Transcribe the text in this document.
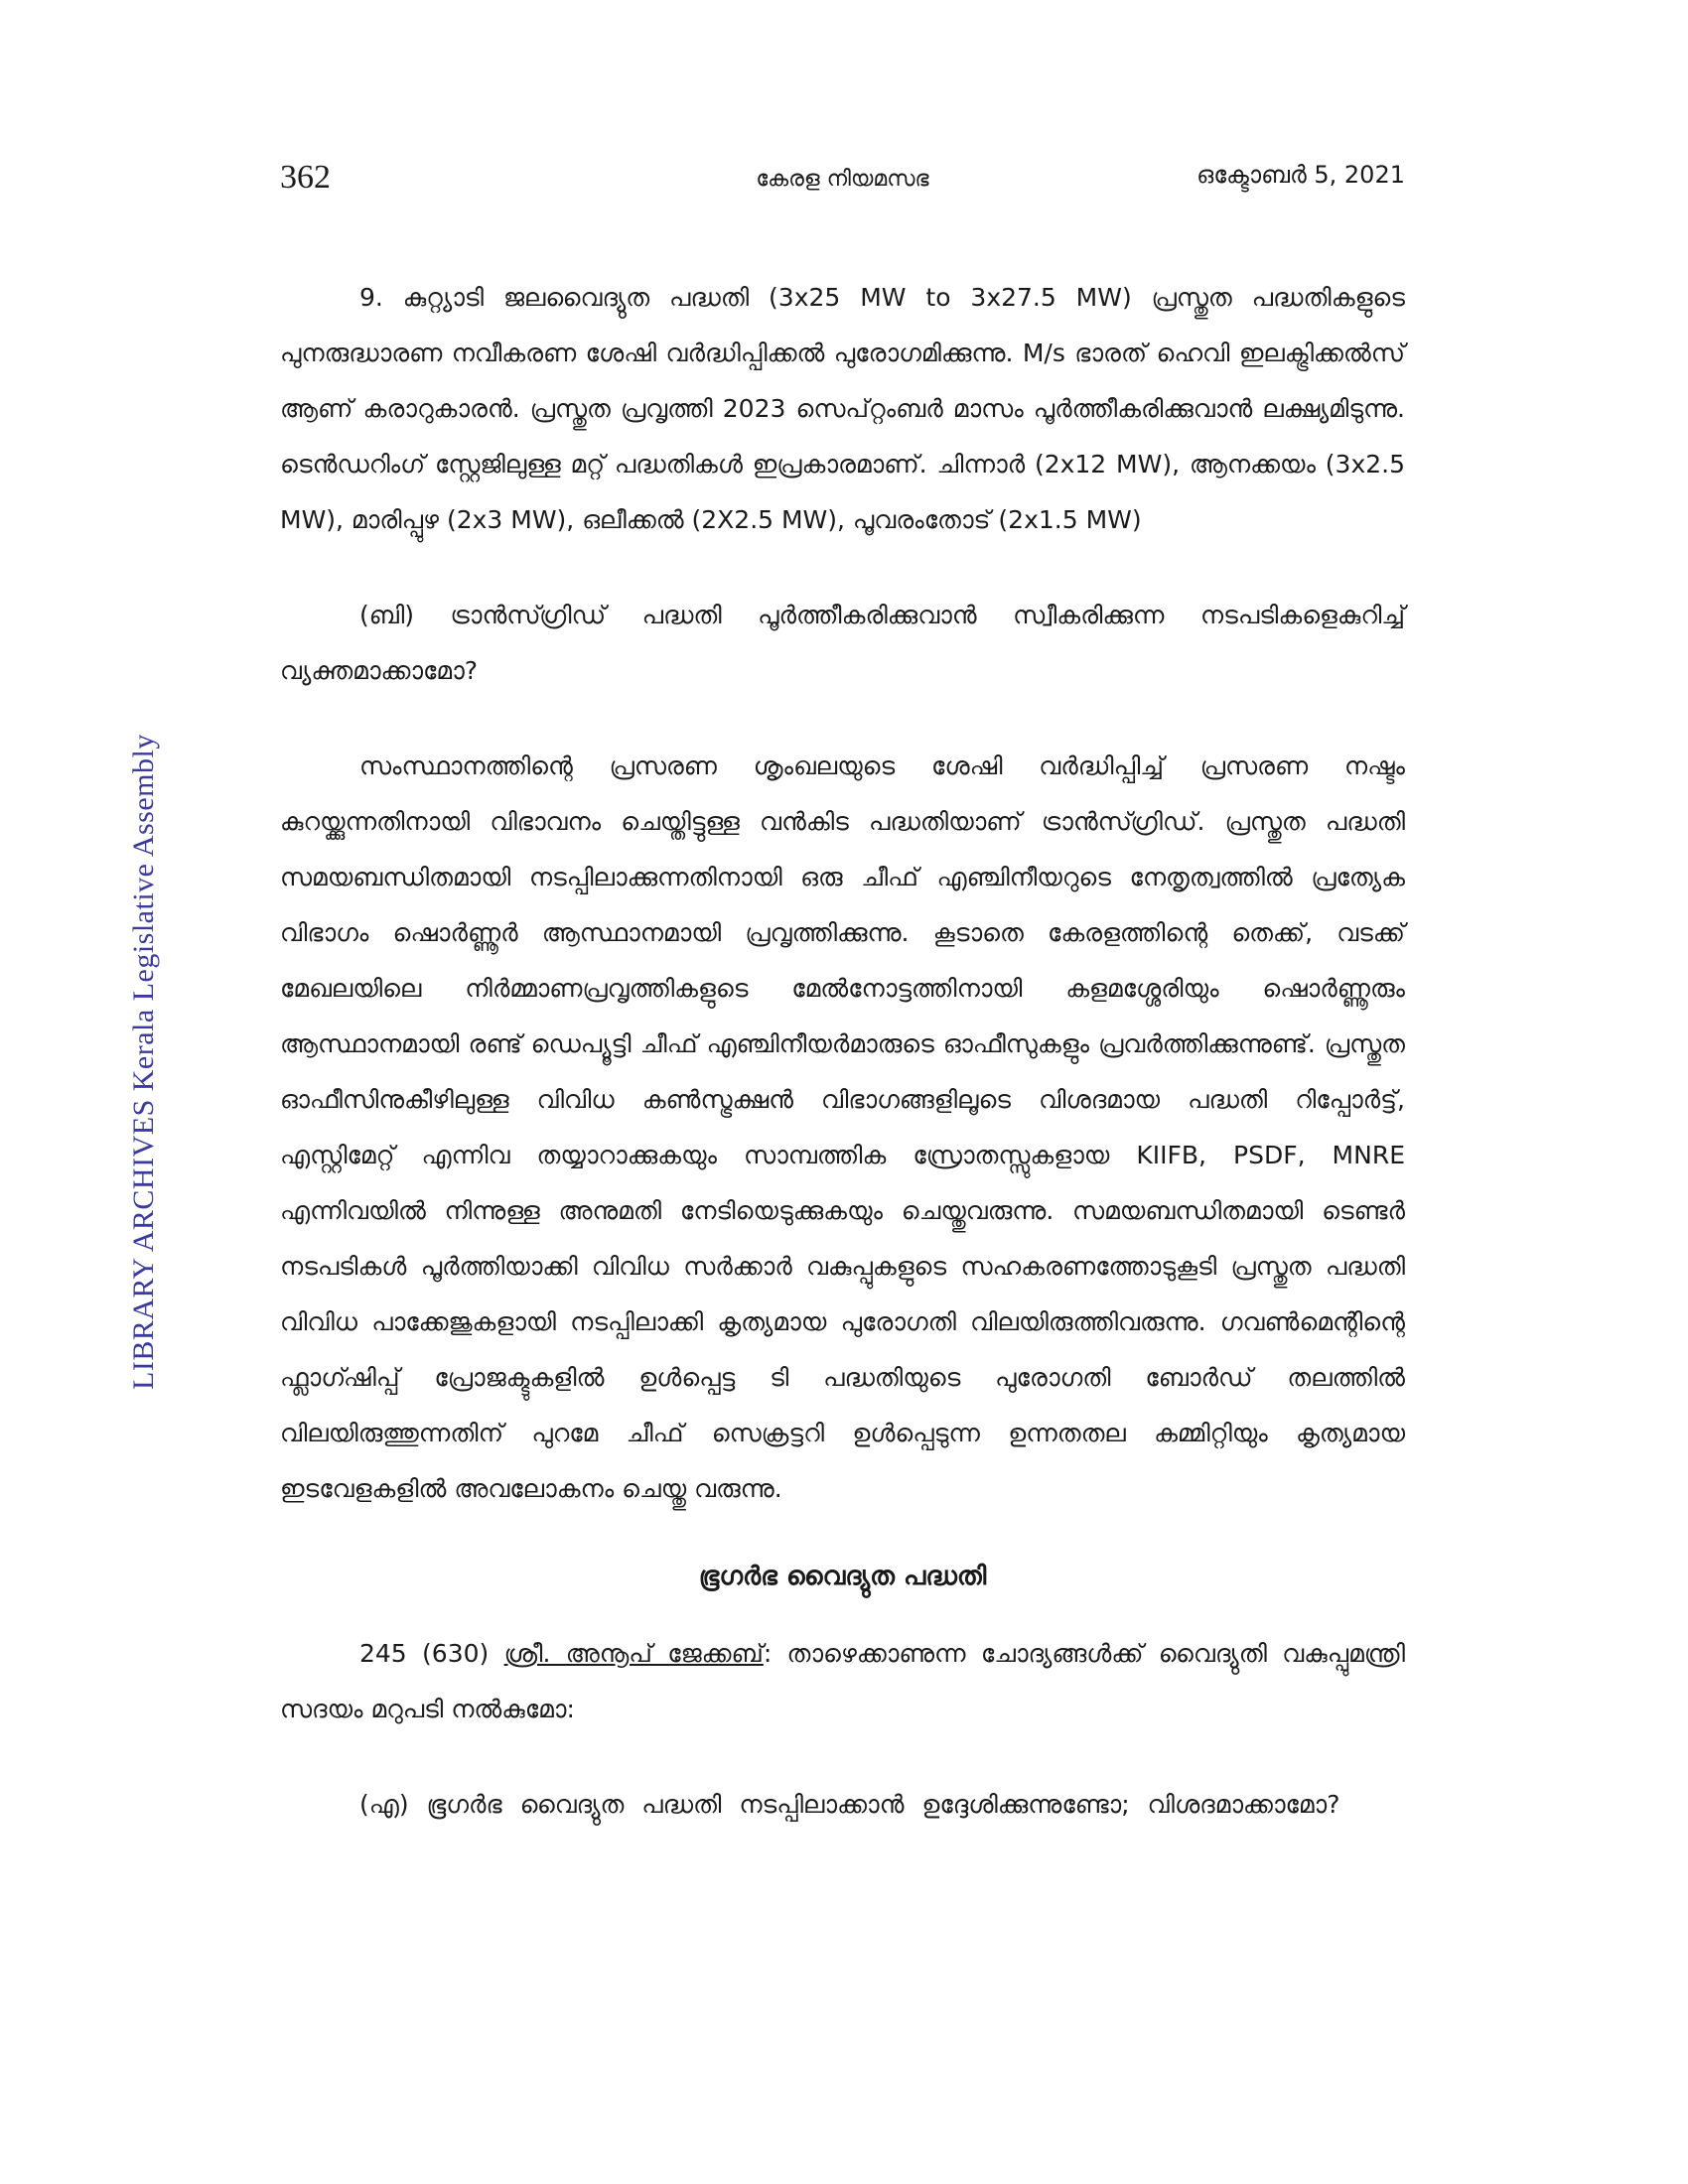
362	കേരള നിയമസഭ	ഒക്ടോബർ 5, 2021
LIBRARY ARCHIVES Kerala Legislative Assembly

9. കുറ്റ്യാടി ജലവൈദ്യുത പദ്ധതി (3x25 MW to 3x27.5 MW) പ്രസ്തുത പദ്ധതികളുടെ പുനരുദ്ധാരണ നവീകരണ ശേഷി വർദ്ധിപ്പിക്കൽ പുരോഗമിക്കുന്നു. M/s ഭാരത് ഹെവി ഇലക്ട്രിക്കൽസ് ആണ് കരാറുകാരൻ. പ്രസ്തുത പ്രവൃത്തി 2023 സെപ്റ്റംബർ മാസം പൂർത്തീകരിക്കുവാൻ ലക്ഷ്യമിടുന്നു. ടെൻഡറിംഗ് സ്റ്റേജിലുള്ള മറ്റ് പദ്ധതികൾ ഇപ്രകാരമാണ്. ചിന്നാർ (2x12 MW), ആനക്കയം (3x2.5 MW), മാരിപ്പുഴ (2x3 MW), ഒലീക്കൽ (2X2.5 MW), പൂവരംതോട് (2x1.5 MW)

(ബി) ട്രാൻസ്ഗ്രിഡ് പദ്ധതി പൂർത്തീകരിക്കുവാൻ സ്വീകരിക്കുന്ന നടപടികളെകുറിച്ച് വ്യക്തമാക്കാമോ?

സംസ്ഥാനത്തിന്റെ പ്രസരണ ശൃംഖലയുടെ ശേഷി വർദ്ധിപ്പിച്ച് പ്രസരണ നഷ്ടം കുറയ്ക്കുന്നതിനായി വിഭാവനം ചെയ്തിട്ടുള്ള വൻകിട പദ്ധതിയാണ് ട്രാൻസ്ഗ്രിഡ്. പ്രസ്തുത പദ്ധതി സമയബന്ധിതമായി നടപ്പിലാക്കുന്നതിനായി ഒരു ചീഫ് എഞ്ചിനീയറുടെ നേതൃത്വത്തിൽ പ്രത്യേക വിഭാഗം ഷൊർണ്ണൂർ ആസ്ഥാനമായി പ്രവൃത്തിക്കുന്നു. കൂടാതെ കേരളത്തിന്റെ തെക്ക്, വടക്ക് മേഖലയിലെ നിർമ്മാണപ്രവൃത്തികളുടെ മേൽനോട്ടത്തിനായി കളമശ്ശേരിയും ഷൊർണ്ണൂരും ആസ്ഥാനമായി രണ്ട് ഡെപ്യൂട്ടി ചീഫ് എഞ്ചിനീയർമാരുടെ ഓഫീസുകളും പ്രവർത്തിക്കുന്നുണ്ട്. പ്രസ്തുത ഓഫീസിനുകീഴിലുള്ള വിവിധ കൺസ്ട്രക്ഷൻ വിഭാഗങ്ങളിലൂടെ വിശദമായ പദ്ധതി റിപ്പോർട്ട്, എസ്റ്റിമേറ്റ് എന്നിവ തയ്യാറാക്കുകയും സാമ്പത്തിക സ്രോതസ്സുകളായ KIIFB, PSDF, MNRE എന്നിവയിൽ നിന്നുള്ള അനുമതി നേടിയെടുക്കുകയും ചെയ്തുവരുന്നു. സമയബന്ധിതമായി ടെണ്ടർ നടപടികൾ പൂർത്തിയാക്കി വിവിധ സർക്കാർ വകുപ്പുകളുടെ സഹകരണത്തോടുകൂടി പ്രസ്തുത പദ്ധതി വിവിധ പാക്കേജുകളായി നടപ്പിലാക്കി കൃത്യമായ പുരോഗതി വിലയിരുത്തിവരുന്നു. ഗവൺമെന്റിന്റെ ഫ്ലാഗ്ഷിപ്പ് പ്രോജക്ടുകളിൽ ഉൾപ്പെട്ട ടി പദ്ധതിയുടെ പുരോഗതി ബോർഡ് തലത്തിൽ വിലയിരുത്തുന്നതിന് പുറമേ ചീഫ് സെക്രട്ടറി ഉൾപ്പെടുന്ന ഉന്നതതല കമ്മിറ്റിയും കൃത്യമായ ഇടവേളകളിൽ അവലോകനം ചെയ്തു വരുന്നു.

ഭൂഗർഭ വൈദ്യുത പദ്ധതി

245 (630) ശ്രീ. അനൂപ് ജേക്കബ്: താഴെക്കാണുന്ന ചോദ്യങ്ങൾക്ക് വൈദ്യുതി വകുപ്പുമന്ത്രി സദയം മറുപടി നൽകുമോ:

(എ) ഭൂഗർഭ വൈദ്യുത പദ്ധതി നടപ്പിലാക്കാൻ ഉദ്ദേശിക്കുന്നുണ്ടോ; വിശദമാക്കാമോ?
